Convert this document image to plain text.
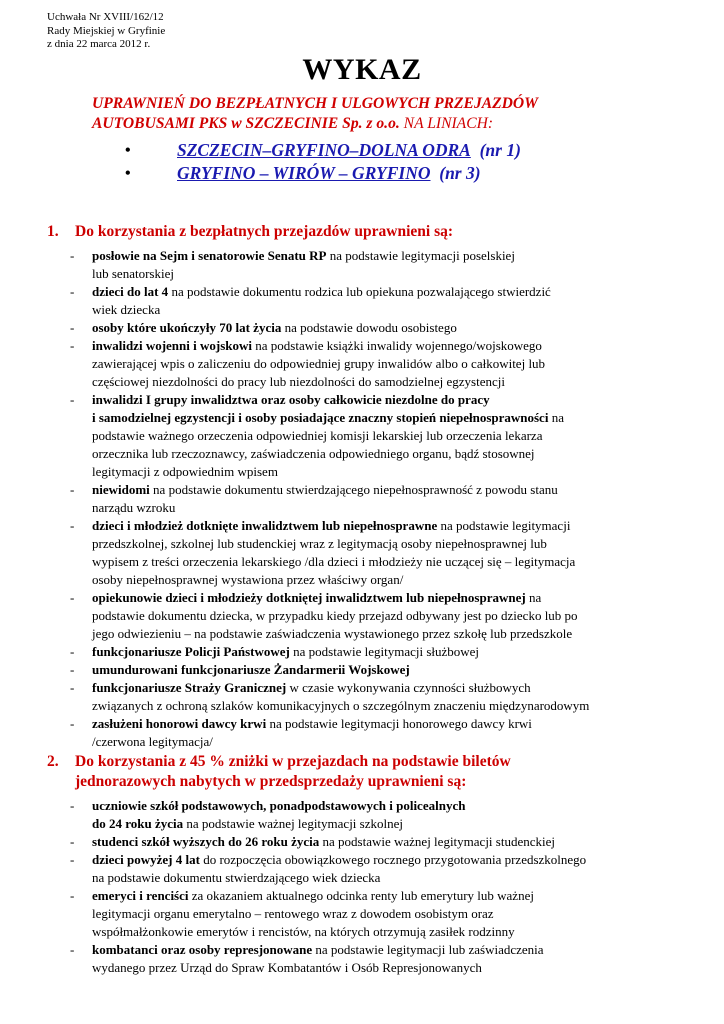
Uchwała Nr XVIII/162/12
Rady Miejskiej w Gryfinie
z dnia 22 marca 2012 r.
WYKAZ
UPRAWNIEŃ DO BEZPŁATNYCH I ULGOWYCH PRZEJAZDÓW
AUTOBUSAMI PKS w SZCZECINIE Sp. z o.o. NA LINIACH:
•	SZCZECIN–GRYFINO–DOLNA ODRA (nr 1)
•	GRYFINO – WIRÓW – GRYFINO (nr 3)
1. Do korzystania z bezpłatnych przejazdów uprawnieni są:
- posłowie na Sejm i senatorowie Senatu RP na podstawie legitymacji poselskiej

lub senatorskiej

- dzieci do lat 4 na podstawie dokumentu rodzica lub opiekuna pozwalającego stwierdzić

wiek dziecka

- osoby które ukończyły 70 lat życia na podstawie dowodu osobistego

- inwalidzi wojenni i wojskowi na podstawie książki inwalidy wojennego/wojskowego

zawierającej wpis o zaliczeniu do odpowiedniej grupy inwalidów albo o całkowitej lub

częściowej niezdolności do pracy lub niezdolności do samodzielnej egzystencji

- inwalidzi I grupy inwalidztwa oraz osoby całkowicie niezdolne do pracy

i samodzielnej egzystencji i osoby posiadające znaczny stopień niepełnosprawności na

podstawie ważnego orzeczenia odpowiedniej komisji lekarskiej lub orzeczenia lekarza

orzecznika lub rzeczoznawcy, zaświadczenia odpowiedniego organu, bądź stosownej

legitymacji z odpowiednim wpisem

- niewidomi na podstawie dokumentu stwierdzającego niepełnosprawność z powodu stanu

narządu wzroku

- dzieci i młodzież dotknięte inwalidztwem lub niepełnosprawne na podstawie legitymacji

przedszkolnej, szkolnej lub studenckiej wraz z legitymacją osoby niepełnosprawnej lub

wypisem z treści orzeczenia lekarskiego /dla dzieci i młodzieży nie uczącej się – legitymacja

osoby niepełnosprawnej wystawiona przez właściwy organ/

- opiekunowie dzieci i młodzieży dotkniętej inwalidztwem lub niepełnosprawnej na

podstawie dokumentu dziecka, w przypadku kiedy przejazd odbywany jest po dziecko lub po

jego odwiezieniu – na podstawie zaświadczenia wystawionego przez szkołę lub przedszkole

- funkcjonariusze Policji Państwowej na podstawie legitymacji służbowej

- umundurowani funkcjonariusze Żandarmerii Wojskowej

- funkcjonariusze Straży Granicznej w czasie wykonywania czynności służbowych

związanych z ochroną szlaków komunikacyjnych o szczególnym znaczeniu międzynarodowym

- zasłużeni honorowi dawcy krwi na podstawie legitymacji honorowego dawcy krwi

/czerwona legitymacja/

2. Do korzystania z 45 % zniżki w przejazdach na podstawie biletów
jednorazowych nabytych w przedsprzedaży uprawnieni są:
- uczniowie szkół podstawowych, ponadpodstawowych i policealnych

do 24 roku życia na podstawie ważnej legitymacji szkolnej

- studenci szkół wyższych do 26 roku życia na podstawie ważnej legitymacji studenckiej

- dzieci powyżej 4 lat do rozpoczęcia obowiązkowego rocznego przygotowania przedszkolnego

na podstawie dokumentu stwierdzającego wiek dziecka

- emeryci i renciści za okazaniem aktualnego odcinka renty lub emerytury lub ważnej

legitymacji organu emerytalno – rentowego wraz z dowodem osobistym oraz

współmałżonkowie emerytów i rencistów, na których otrzymują zasiłek rodzinny

- kombatanci oraz osoby represjonowane na podstawie legitymacji lub zaświadczenia

wydanego przez Urząd do Spraw Kombatantów i Osób Represjonowanych
